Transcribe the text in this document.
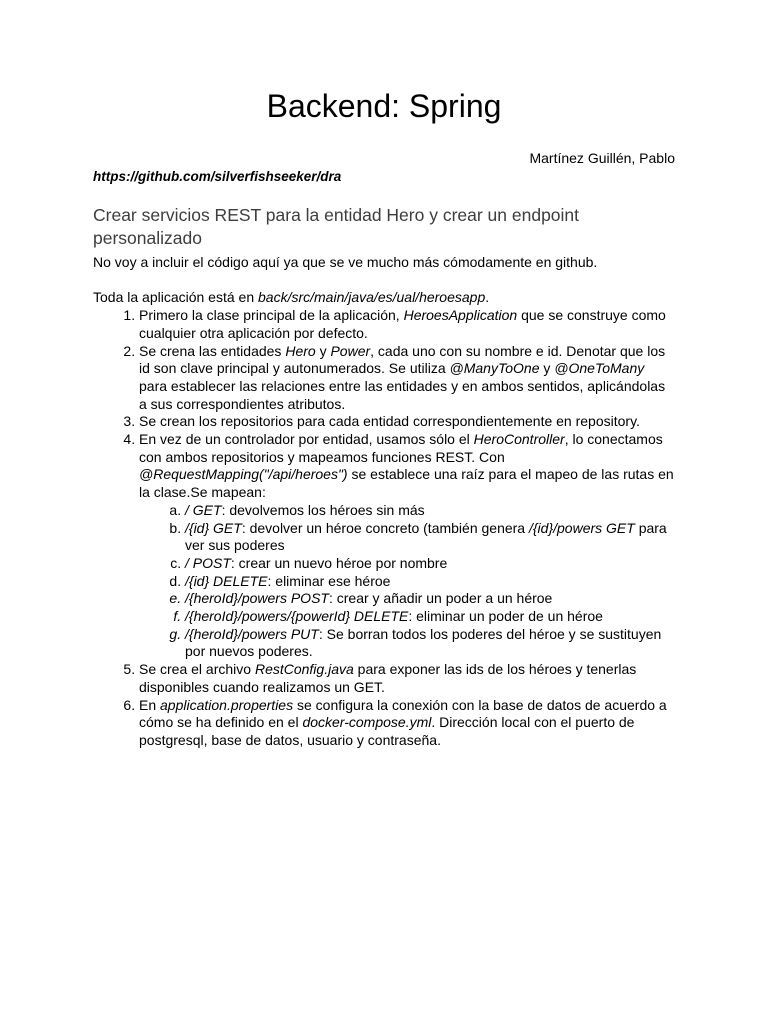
Backend: Spring
Martínez Guillén, Pablo
https://github.com/silverfishseeker/dra
Crear servicios REST para la entidad Hero y crear un endpoint personalizado

No voy a incluir el código aquí ya que se ve mucho más cómodamente en github.

Toda la aplicación está en back/src/main/java/es/ual/heroesapp.

1. Primero la clase principal de la aplicación, HeroesApplication que se construye como cualquier otra aplicación por defecto.
2. Se crena las entidades Hero y Power, cada uno con su nombre e id. Denotar que los id son clave principal y autonumerados. Se utiliza @ManyToOne y @OneToMany para establecer las relaciones entre las entidades y en ambos sentidos, aplicándolas a sus correspondientes atributos.
3. Se crean los repositorios para cada entidad correspondientemente en repository.
4. En vez de un controlador por entidad, usamos sólo el HeroController, lo conectamos con ambos repositorios y mapeamos funciones REST. Con @RequestMapping("/api/heroes") se establece una raíz para el mapeo de las rutas en la clase.Se mapean:
a. / GET: devolvemos los héroes sin más
b. /{id} GET: devolver un héroe concreto (también genera /{id}/powers GET para ver sus poderes
c. / POST: crear un nuevo héroe por nombre
d. /{id} DELETE: eliminar ese héroe
e. /{heroId}/powers POST: crear y añadir un poder a un héroe
f. /{heroId}/powers/{powerId} DELETE: eliminar un poder de un héroe
g. /{heroId}/powers PUT: Se borran todos los poderes del héroe y se sustituyen por nuevos poderes.
5. Se crea el archivo RestConfig.java para exponer las ids de los héroes y tenerlas disponibles cuando realizamos un GET.
6. En application.properties se configura la conexión con la base de datos de acuerdo a cómo se ha definido en el docker-compose.yml. Dirección local con el puerto de postgresql, base de datos, usuario y contraseña.
